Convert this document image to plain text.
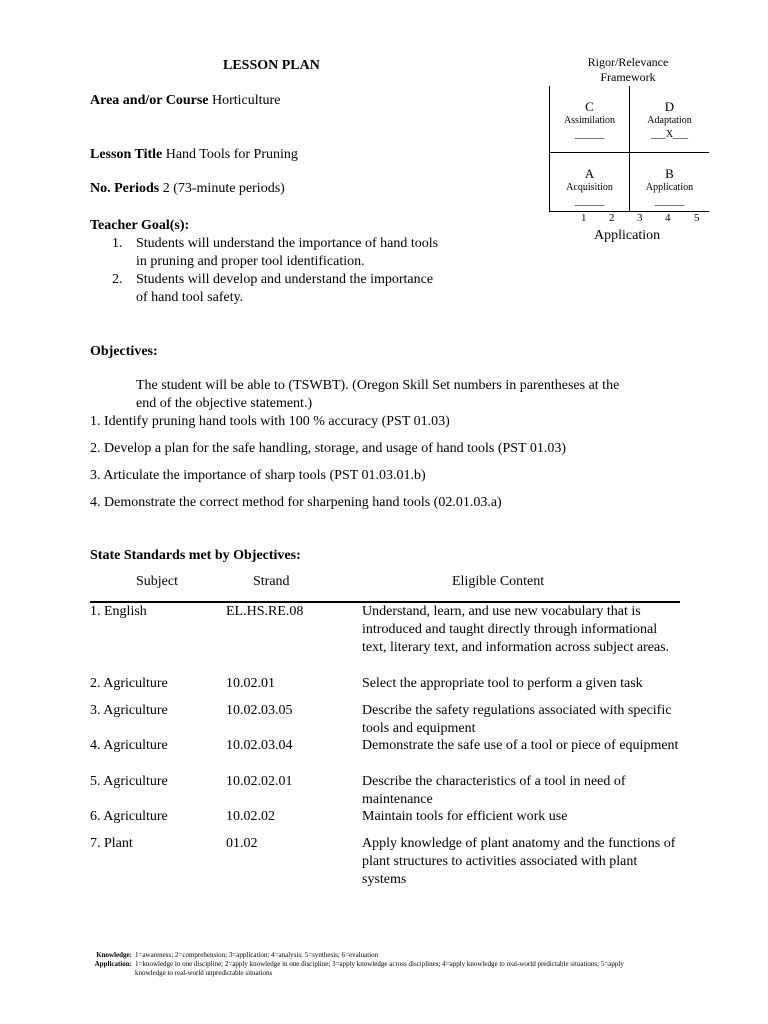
LESSON PLAN
Area and/or Course Horticulture
Lesson Title Hand Tools for Pruning
No. Periods 2 (73-minute periods)
Teacher Goal(s):
1. Students will understand the importance of hand tools
in pruning and proper tool identification.
2. Students will develop and understand the importance
of hand tool safety.
Rigor/Relevance
Framework
C
Assimilation
______
D
Adaptation
___X___
A
Acquisition
______
B
Application
______
1 2 3 4 5
Application
Objectives:
The student will be able to (TSWBT). (Oregon Skill Set numbers in parentheses at the
end of the objective statement.)
1. Identify pruning hand tools with 100 % accuracy (PST 01.03)
2. Develop a plan for the safe handling, storage, and usage of hand tools (PST 01.03)
3. Articulate the importance of sharp tools (PST 01.03.01.b)
4. Demonstrate the correct method for sharpening hand tools (02.01.03.a)
State Standards met by Objectives:
Subject	Strand	Eligible Content
1. English	EL.HS.RE.08	Understand, learn, and use new vocabulary that is introduced and taught directly through informational text, literary text, and information across subject areas.
2. Agriculture	10.02.01	Select the appropriate tool to perform a given task
3. Agriculture	10.02.03.05	Describe the safety regulations associated with specific tools and equipment
4. Agriculture	10.02.03.04	Demonstrate the safe use of a tool or piece of equipment
5. Agriculture	10.02.02.01	Describe the characteristics of a tool in need of maintenance
6. Agriculture	10.02.02	Maintain tools for efficient work use
7. Plant	01.02	Apply knowledge of plant anatomy and the functions of plant structures to activities associated with plant systems
Knowledge: 1=awareness; 2=comprehension; 3=application; 4=analysis; 5=synthesis; 6=evaluation
Application: 1=knowledge in one discipline; 2=apply knowledge in one discipline; 3=apply knowledge across disciplines; 4=apply knowledge to real-world predictable situations; 5=apply
knowledge to real-world unpredictable situations
